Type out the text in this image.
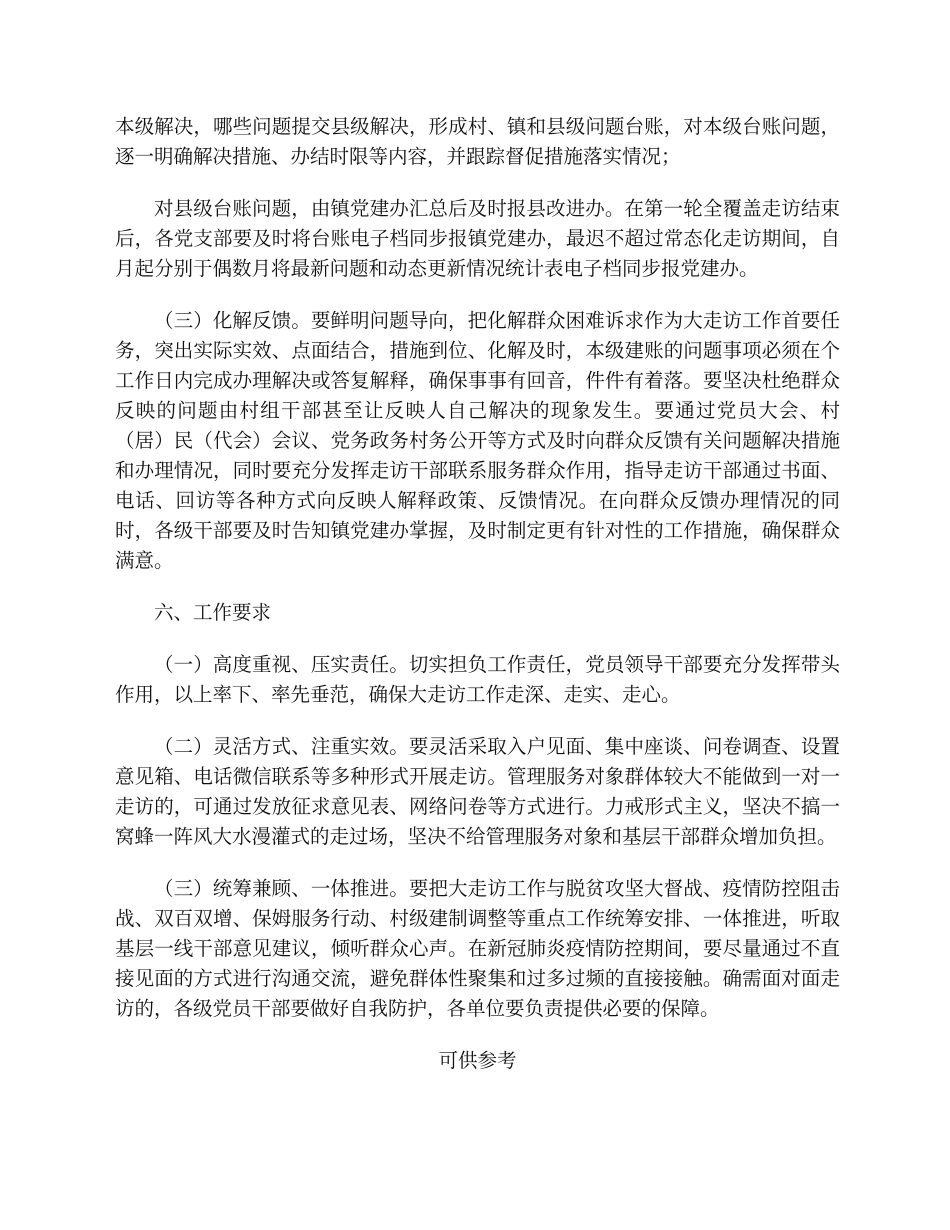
本级解决，哪些问题提交县级解决，形成村、镇和县级问题台账，对本级台账问题，逐一明确解决措施、办结时限等内容，并跟踪督促措施落实情况；

对县级台账问题，由镇党建办汇总后及时报县改进办。在第一轮全覆盖走访结束后，各党支部要及时将台账电子档同步报镇党建办，最迟不超过常态化走访期间，自月起分别于偶数月将最新问题和动态更新情况统计表电子档同步报党建办。

（三）化解反馈。要鲜明问题导向，把化解群众困难诉求作为大走访工作首要任务，突出实际实效、点面结合，措施到位、化解及时，本级建账的问题事项必须在个工作日内完成办理解决或答复解释，确保事事有回音，件件有着落。要坚决杜绝群众反映的问题由村组干部甚至让反映人自己解决的现象发生。要通过党员大会、村（居）民（代会）会议、党务政务村务公开等方式及时向群众反馈有关问题解决措施和办理情况，同时要充分发挥走访干部联系服务群众作用，指导走访干部通过书面、电话、回访等各种方式向反映人解释政策、反馈情况。在向群众反馈办理情况的同时，各级干部要及时告知镇党建办掌握，及时制定更有针对性的工作措施，确保群众满意。

六、工作要求

（一）高度重视、压实责任。切实担负工作责任，党员领导干部要充分发挥带头作用，以上率下、率先垂范，确保大走访工作走深、走实、走心。

（二）灵活方式、注重实效。要灵活采取入户见面、集中座谈、问卷调查、设置意见箱、电话微信联系等多种形式开展走访。管理服务对象群体较大不能做到一对一走访的，可通过发放征求意见表、网络问卷等方式进行。力戒形式主义，坚决不搞一窝蜂一阵风大水漫灌式的走过场，坚决不给管理服务对象和基层干部群众增加负担。

（三）统筹兼顾、一体推进。要把大走访工作与脱贫攻坚大督战、疫情防控阻击战、双百双增、保姆服务行动、村级建制调整等重点工作统筹安排、一体推进，听取基层一线干部意见建议，倾听群众心声。在新冠肺炎疫情防控期间，要尽量通过不直接见面的方式进行沟通交流，避免群体性聚集和过多过频的直接接触。确需面对面走访的，各级党员干部要做好自我防护，各单位要负责提供必要的保障。

可供参考
